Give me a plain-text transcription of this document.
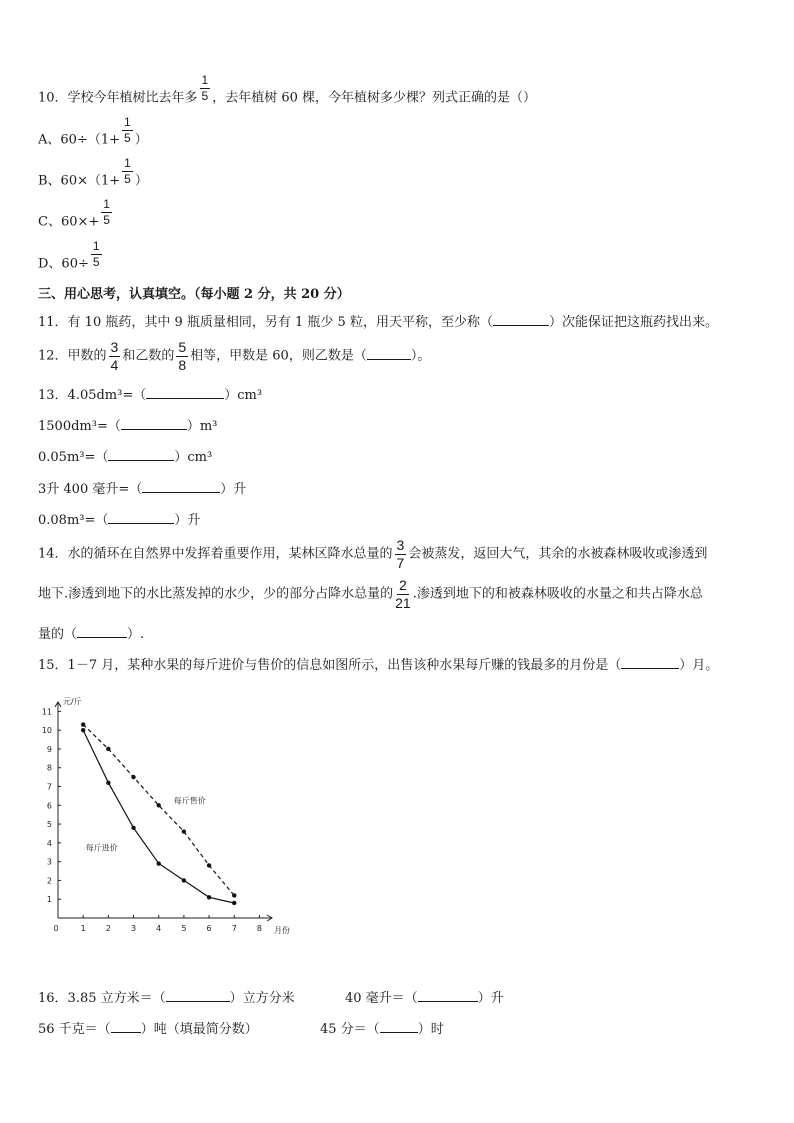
10．学校今年植树比去年多 $\frac{1}{5}$ ，去年植树 60 棵，今年植树多少棵？列式正确的是（）
A、$60\div(1+ \frac{1}{5}$ ）
B、$60\times(1+ \frac{1}{5}$ ）
C、$60\times+ \frac{1}{5}$
D、$60\div \frac{1}{5}$
三、用心思考，认真填空。（每小题 2 分，共 20 分）
11．有 10 瓶药，其中 9 瓶质量相同，另有 1 瓶少 5 粒，用天平称，至少称（	）次能保证把这瓶药找出来。
12．甲数的 $\frac{3}{4}$ 和乙数的 $\frac{5}{8}$ 相等，甲数是 60，则乙数是（	）。
13．4.05dm³=（	）cm³
1500dm³=（	）m³
0.05m³=（	）cm³
3升 400 毫升=（	）升
0.08m³=（	）升
14．水的循环在自然界中发挥着重要作用，某林区降水总量的 $\frac{3}{7}$ 会被蒸发，返回大气，其余的水被森林吸收或渗透到
地下.渗透到地下的水比蒸发掉的水少，少的部分占降水总量的 $\frac{2}{21}$ .渗透到地下的和被森林吸收的水量之和共占降水总
量的（	）.
15．1－7 月，某种水果的每斤进价与售价的信息如图所示，出售该种水果每斤赚的钱最多的月份是（	）月。
1
2
3
4
5
6
7
8
9
10
11
0	1	2	3	4	5	6	7	8
元/斤
月份
每斤售价
每斤进价
16．3.85 立方米＝（	）立方分米	40 毫升＝（	）升
56 千克＝（ ）吨（填最简分数）	45 分＝（	）时
